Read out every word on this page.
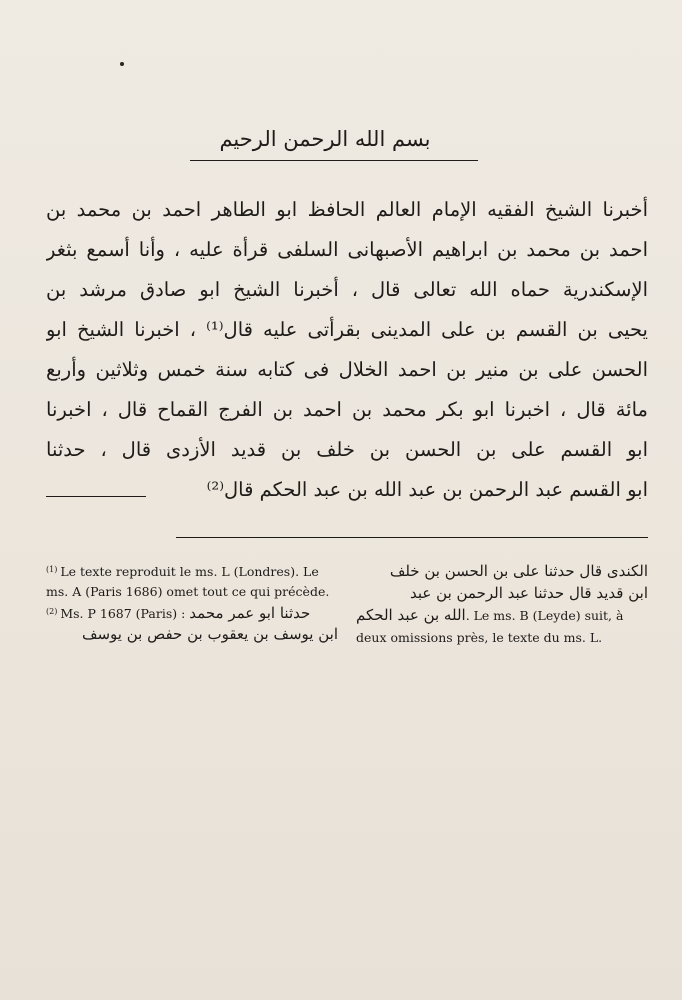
بسم الله الرحمن الرحيم
أخبرنا الشيخ الفقيه الإمام العالم الحافظ ابو الطاهر احمد بن محمد بن
احمد بن محمد بن ابراهيم الأصبهانى السلفى قرأة عليه ، وأنا أسمع بثغر
الإسكندرية حماه الله تعالى قال ، أخبرنا الشيخ ابو صادق مرشد بن
يحيى بن القسم بن على المدينى بقرأتى عليه قال⁽¹⁾ ، اخبرنا الشيخ ابو
الحسن على بن منير بن احمد الخلال فى كتابه سنة خمس وثلاثين وأربع
مائة قال ، اخبرنا ابو بكر محمد بن احمد بن الفرج القماح قال ، اخبرنا
ابو القسم على بن الحسن بن خلف بن قديد الأزدى قال ، حدثنا
ابو القسم عبد الرحمن بن عبد الله بن عبد الحكم قال⁽²⁾
$^{(1)}$ Le texte reproduit le ms. L (Londres). Le
ms. A (Paris 1686) omet tout ce qui précède.
$^{(2)}$ Ms. P 1687 (Paris) : حدثنا ابو عمر محمد
ابن يوسف بن يعقوب بن حفص بن يوسف
الكندى قال حدثنا على بن الحسن بن خلف
ابن قديد قال حدثنا عبد الرحمن بن عبد
الله بن عبد الحكم. Le ms. B (Leyde) suit, à
deux omissions près, le texte du ms. L.
